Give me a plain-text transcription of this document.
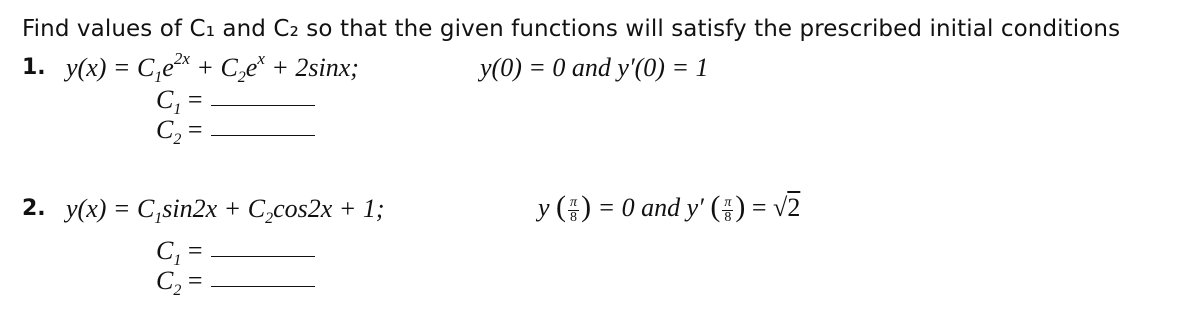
Find values of C₁ and C₂ so that the given functions will satisfy the prescribed initial conditions
1. $y(x) = C_1e^{2x} + C_2e^x + 2\sin x$;	y(0) = 0 and y′(0) = 1
$C_1$ =
$C_2$ =
2. $y(x) = C_1\sin 2x + C_2\cos 2x + 1$;	y ( $\frac{\pi}{8}$ ) = 0 and y′ ( $\frac{\pi}{8}$ ) = √2
$C_1$ =
$C_2$ =
